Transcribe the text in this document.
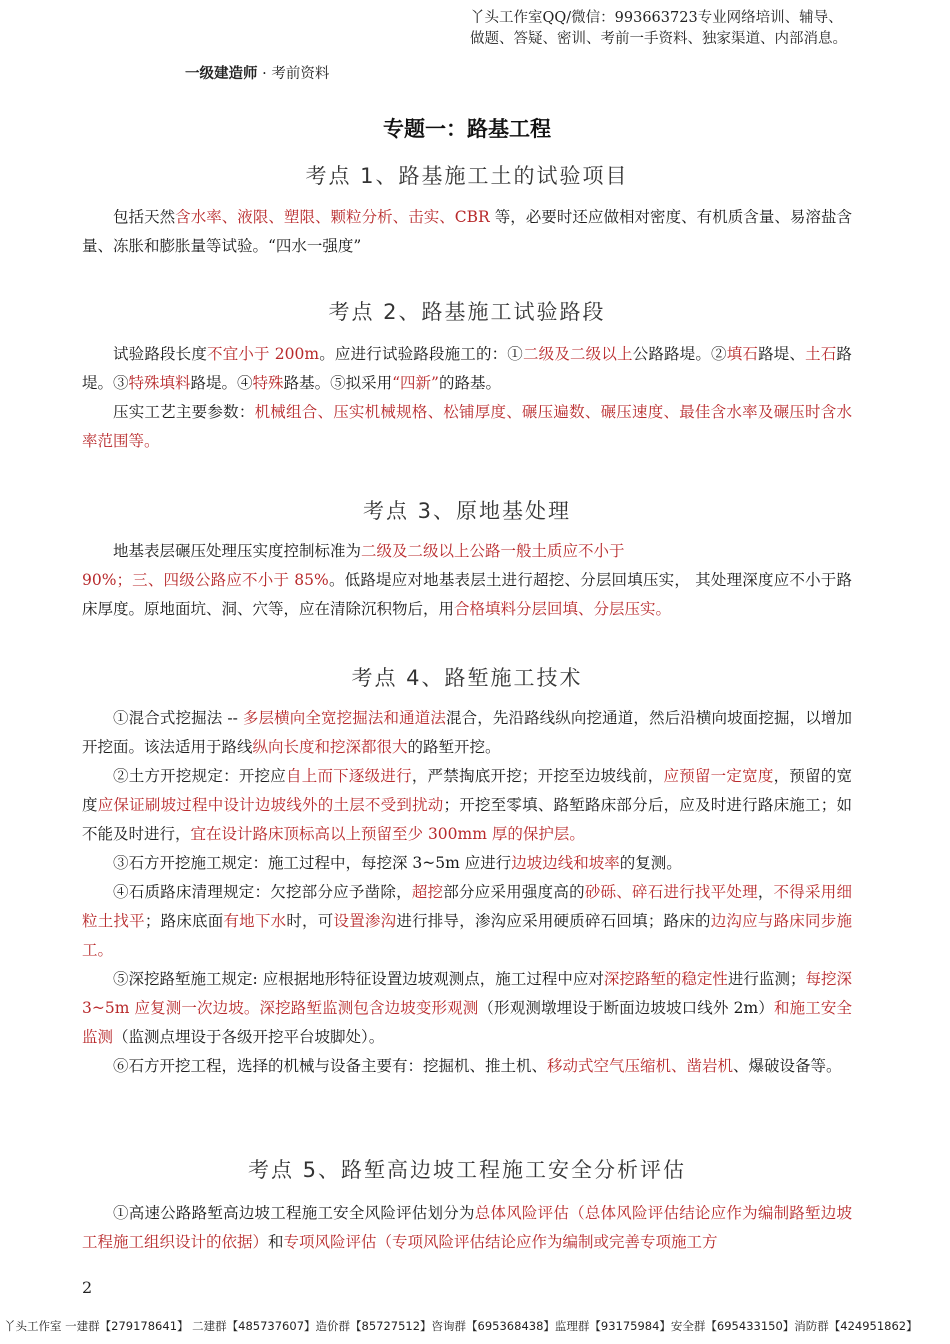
丫头工作室QQ/微信：993663723专业网络培训、辅导、
做题、答疑、密训、考前一手资料、独家渠道、内部消息。
一级建造师 · 考前资料
专题一：路基工程
考点 1、路基施工土的试验项目

包括天然含水率、液限、塑限、颗粒分析、击实、CBR 等，必要时还应做相对密度、有机质含量、易溶盐含量、冻胀和膨胀量等试验。“四水一强度”

考点 2、路基施工试验路段

试验路段长度不宜小于 200m。应进行试验路段施工的：①二级及二级以上公路路堤。②填石路堤、土石路堤。③特殊填料路堤。④特殊路基。⑤拟采用“四新”的路基。

压实工艺主要参数：机械组合、压实机械规格、松铺厚度、碾压遍数、碾压速度、最佳含水率及碾压时含水率范围等。

考点 3、原地基处理

地基表层碾压处理压实度控制标准为二级及二级以上公路一般土质应不小于

90%；三、四级公路应不小于 85%。低路堤应对地基表层土进行超挖、分层回填压实， 其处理深度应不小于路床厚度。原地面坑、洞、穴等，应在清除沉积物后，用合格填料分层回填、分层压实。

考点 4、路堑施工技术

①混合式挖掘法 -- 多层横向全宽挖掘法和通道法混合，先沿路线纵向挖通道，然后沿横向坡面挖掘，以增加开挖面。该法适用于路线纵向长度和挖深都很大的路堑开挖。

②土方开挖规定：开挖应自上而下逐级进行，严禁掏底开挖；开挖至边坡线前，应预留一定宽度，预留的宽度应保证刷坡过程中设计边坡线外的土层不受到扰动；开挖至零填、路堑路床部分后，应及时进行路床施工；如不能及时进行，宜在设计路床顶标高以上预留至少 300mm 厚的保护层。

③石方开挖施工规定：施工过程中，每挖深 3~5m 应进行边坡边线和坡率的复测。

④石质路床清理规定：欠挖部分应予凿除，超挖部分应采用强度高的砂砾、碎石进行找平处理，不得采用细粒土找平；路床底面有地下水时，可设置渗沟进行排导，渗沟应采用硬质碎石回填；路床的边沟应与路床同步施工。

⑤深挖路堑施工规定: 应根据地形特征设置边坡观测点，施工过程中应对深挖路堑的稳定性进行监测；每挖深 3~5m 应复测一次边坡。深挖路堑监测包含边坡变形观测（形观测墩埋设于断面边坡坡口线外 2m）和施工安全监测（监测点埋设于各级开挖平台坡脚处）。

⑥石方开挖工程，选择的机械与设备主要有：挖掘机、推土机、移动式空气压缩机、凿岩机、爆破设备等。

考点 5、路堑高边坡工程施工安全分析评估

①高速公路路堑高边坡工程施工安全风险评估划分为总体风险评估（总体风险评估结论应作为编制路堑边坡工程施工组织设计的依据）和专项风险评估（专项风险评估结论应作为编制或完善专项施工方

2
丫头工作室 一建群【279178641】 二建群【485737607】造价群【85727512】咨询群【695368438】监理群【93175984】安全群【695433150】消防群【424951862】
